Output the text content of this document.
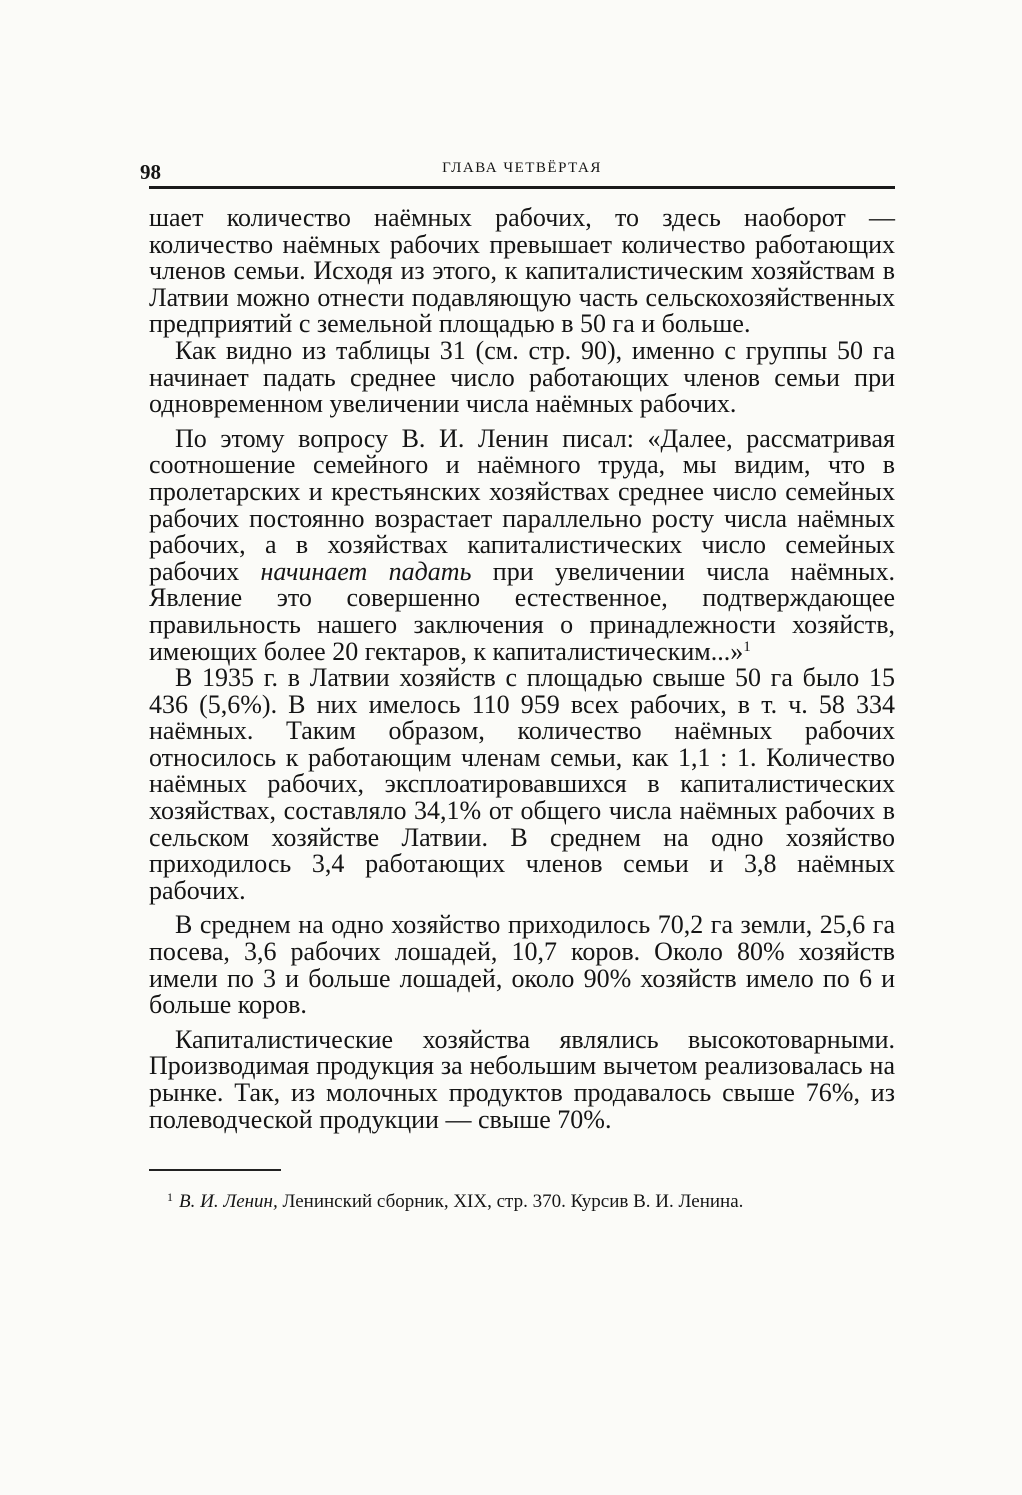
98	ГЛАВА ЧЕТВЁРТАЯ

шает количество наёмных рабочих, то здесь наоборот — количество наёмных рабочих превышает количество работающих членов семьи. Исходя из этого, к капиталистическим хозяйствам в Латвии можно отнести подавляющую часть сельскохозяйственных предприятий с земельной площадью в 50 га и больше.

Как видно из таблицы 31 (см. стр. 90), именно с группы 50 га начинает падать среднее число работающих членов семьи при одновременном увеличении числа наёмных рабочих.

По этому вопросу В. И. Ленин писал: «Далее, рассматривая соотношение семейного и наёмного труда, мы видим, что в пролетарских и крестьянских хозяйствах среднее число семейных рабочих постоянно возрастает параллельно росту числа наёмных рабочих, а в хозяйствах капиталистических число семейных рабочих начинает падать при увеличении числа наёмных. Явление это совершенно естественное, подтверждающее правильность нашего заключения о принадлежности хозяйств, имеющих более 20 гектаров, к капиталистическим...»$^1$

В 1935 г. в Латвии хозяйств с площадью свыше 50 га было 15 436 (5,6%). В них имелось 110 959 всех рабочих, в т. ч. 58 334 наёмных. Таким образом, количество наёмных рабочих относилось к работающим членам семьи, как 1,1 : 1. Количество наёмных рабочих, эксплоатировавшихся в капиталистических хозяйствах, составляло 34,1% от общего числа наёмных рабочих в сельском хозяйстве Латвии. В среднем на одно хозяйство приходилось 3,4 работающих членов семьи и 3,8 наёмных рабочих.

В среднем на одно хозяйство приходилось 70,2 га земли, 25,6 га посева, 3,6 рабочих лошадей, 10,7 коров. Около 80% хозяйств имели по 3 и больше лошадей, около 90% хозяйств имело по 6 и больше коров.

Капиталистические хозяйства являлись высокотоварными. Производимая продукция за небольшим вычетом реализовалась на рынке. Так, из молочных продуктов продавалось свыше 76%, из полеводческой продукции — свыше 70%.

$^1$ В. И. Ленин, Ленинский сборник, XIX, стр. 370. Курсив В. И. Ленина.
